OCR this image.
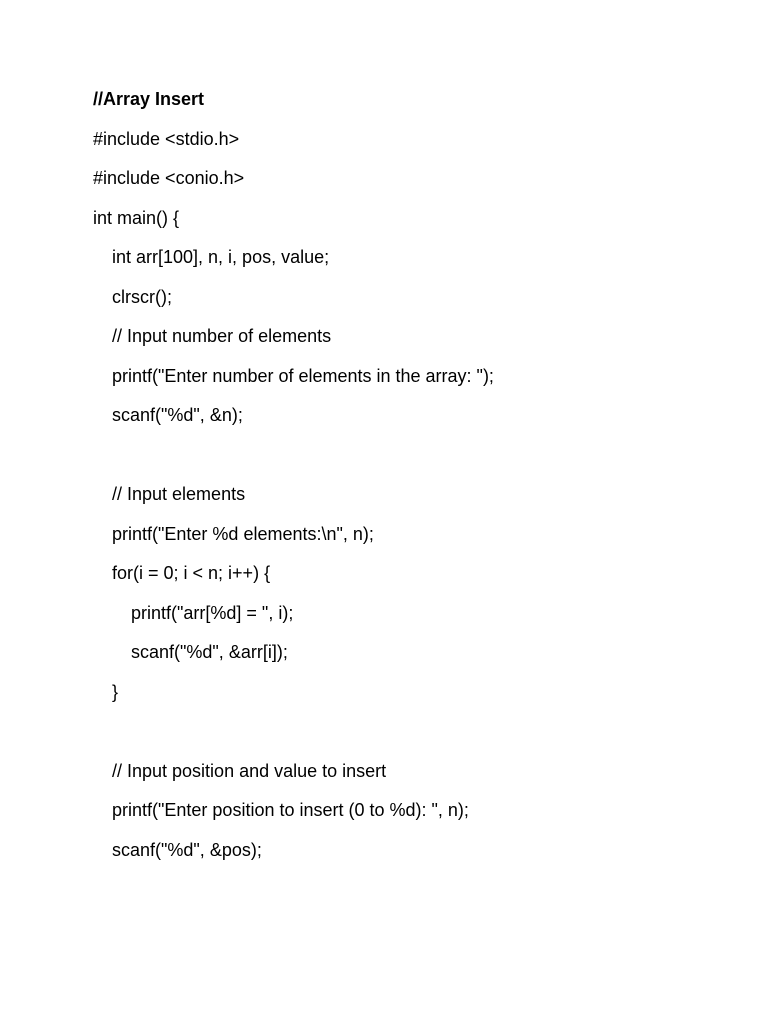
//Array Insert
#include <stdio.h>
#include <conio.h>
int main() {
int arr[100], n, i, pos, value;
clrscr();
// Input number of elements
printf("Enter number of elements in the array: ");
scanf("%d", &n);
// Input elements
printf("Enter %d elements:\n", n);
for(i = 0; i < n; i++) {
printf("arr[%d] = ", i);
scanf("%d", &arr[i]);
}
// Input position and value to insert
printf("Enter position to insert (0 to %d): ", n);
scanf("%d", &pos);
